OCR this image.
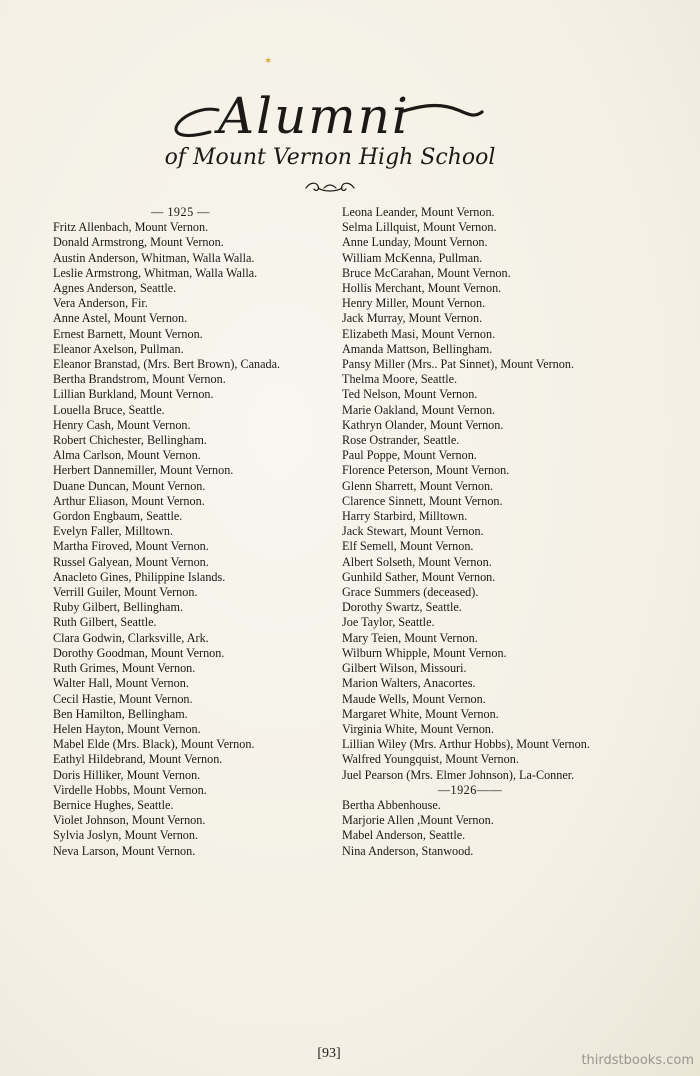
✶
Alumni
of Mount Vernon High School
— 1925 —
Fritz Allenbach, Mount Vernon.
Donald Armstrong, Mount Vernon.
Austin Anderson, Whitman, Walla Walla.
Leslie Armstrong, Whitman, Walla Walla.
Agnes Anderson, Seattle.
Vera Anderson, Fir.
Anne Astel, Mount Vernon.
Ernest Barnett, Mount Vernon.
Eleanor Axelson, Pullman.
Eleanor Branstad, (Mrs. Bert Brown), Canada.
Bertha Brandstrom, Mount Vernon.
Lillian Burkland, Mount Vernon.
Louella Bruce, Seattle.
Henry Cash, Mount Vernon.
Robert Chichester, Bellingham.
Alma Carlson, Mount Vernon.
Herbert Dannemiller, Mount Vernon.
Duane Duncan, Mount Vernon.
Arthur Eliason, Mount Vernon.
Gordon Engbaum, Seattle.
Evelyn Faller, Milltown.
Martha Firoved, Mount Vernon.
Russel Galyean, Mount Vernon.
Anacleto Gines, Philippine Islands.
Verrill Guiler, Mount Vernon.
Ruby Gilbert, Bellingham.
Ruth Gilbert, Seattle.
Clara Godwin, Clarksville, Ark.
Dorothy Goodman, Mount Vernon.
Ruth Grimes, Mount Vernon.
Walter Hall, Mount Vernon.
Cecil Hastie, Mount Vernon.
Ben Hamilton, Bellingham.
Helen Hayton, Mount Vernon.
Mabel Elde (Mrs. Black), Mount Vernon.
Eathyl Hildebrand, Mount Vernon.
Doris Hilliker, Mount Vernon.
Virdelle Hobbs, Mount Vernon.
Bernice Hughes, Seattle.
Violet Johnson, Mount Vernon.
Sylvia Joslyn, Mount Vernon.
Neva Larson, Mount Vernon.
Leona Leander, Mount Vernon.
Selma Lillquist, Mount Vernon.
Anne Lunday, Mount Vernon.
William McKenna, Pullman.
Bruce McCarahan, Mount Vernon.
Hollis Merchant, Mount Vernon.
Henry Miller, Mount Vernon.
Jack Murray, Mount Vernon.
Elizabeth Masi, Mount Vernon.
Amanda Mattson, Bellingham.
Pansy Miller (Mrs.. Pat Sinnet), Mount Vernon.
Thelma Moore, Seattle.
Ted Nelson, Mount Vernon.
Marie Oakland, Mount Vernon.
Kathryn Olander, Mount Vernon.
Rose Ostrander, Seattle.
Paul Poppe, Mount Vernon.
Florence Peterson, Mount Vernon.
Glenn Sharrett, Mount Vernon.
Clarence Sinnett, Mount Vernon.
Harry Starbird, Milltown.
Jack Stewart, Mount Vernon.
Elf Semell, Mount Vernon.
Albert Solseth, Mount Vernon.
Gunhild Sather, Mount Vernon.
Grace Summers (deceased).
Dorothy Swartz, Seattle.
Joe Taylor, Seattle.
Mary Teien, Mount Vernon.
Wilburn Whipple, Mount Vernon.
Gilbert Wilson, Missouri.
Marion Walters, Anacortes.
Maude Wells, Mount Vernon.
Margaret White, Mount Vernon.
Virginia White, Mount Vernon.
Lillian Wiley (Mrs. Arthur Hobbs), Mount Vernon.
Walfred Youngquist, Mount Vernon.
Juel Pearson (Mrs. Elmer Johnson), La-Conner.
—1926——
Bertha Abbenhouse.
Marjorie Allen ,Mount Vernon.
Mabel Anderson, Seattle.
Nina Anderson, Stanwood.
[93]	thirdstbooks.com
